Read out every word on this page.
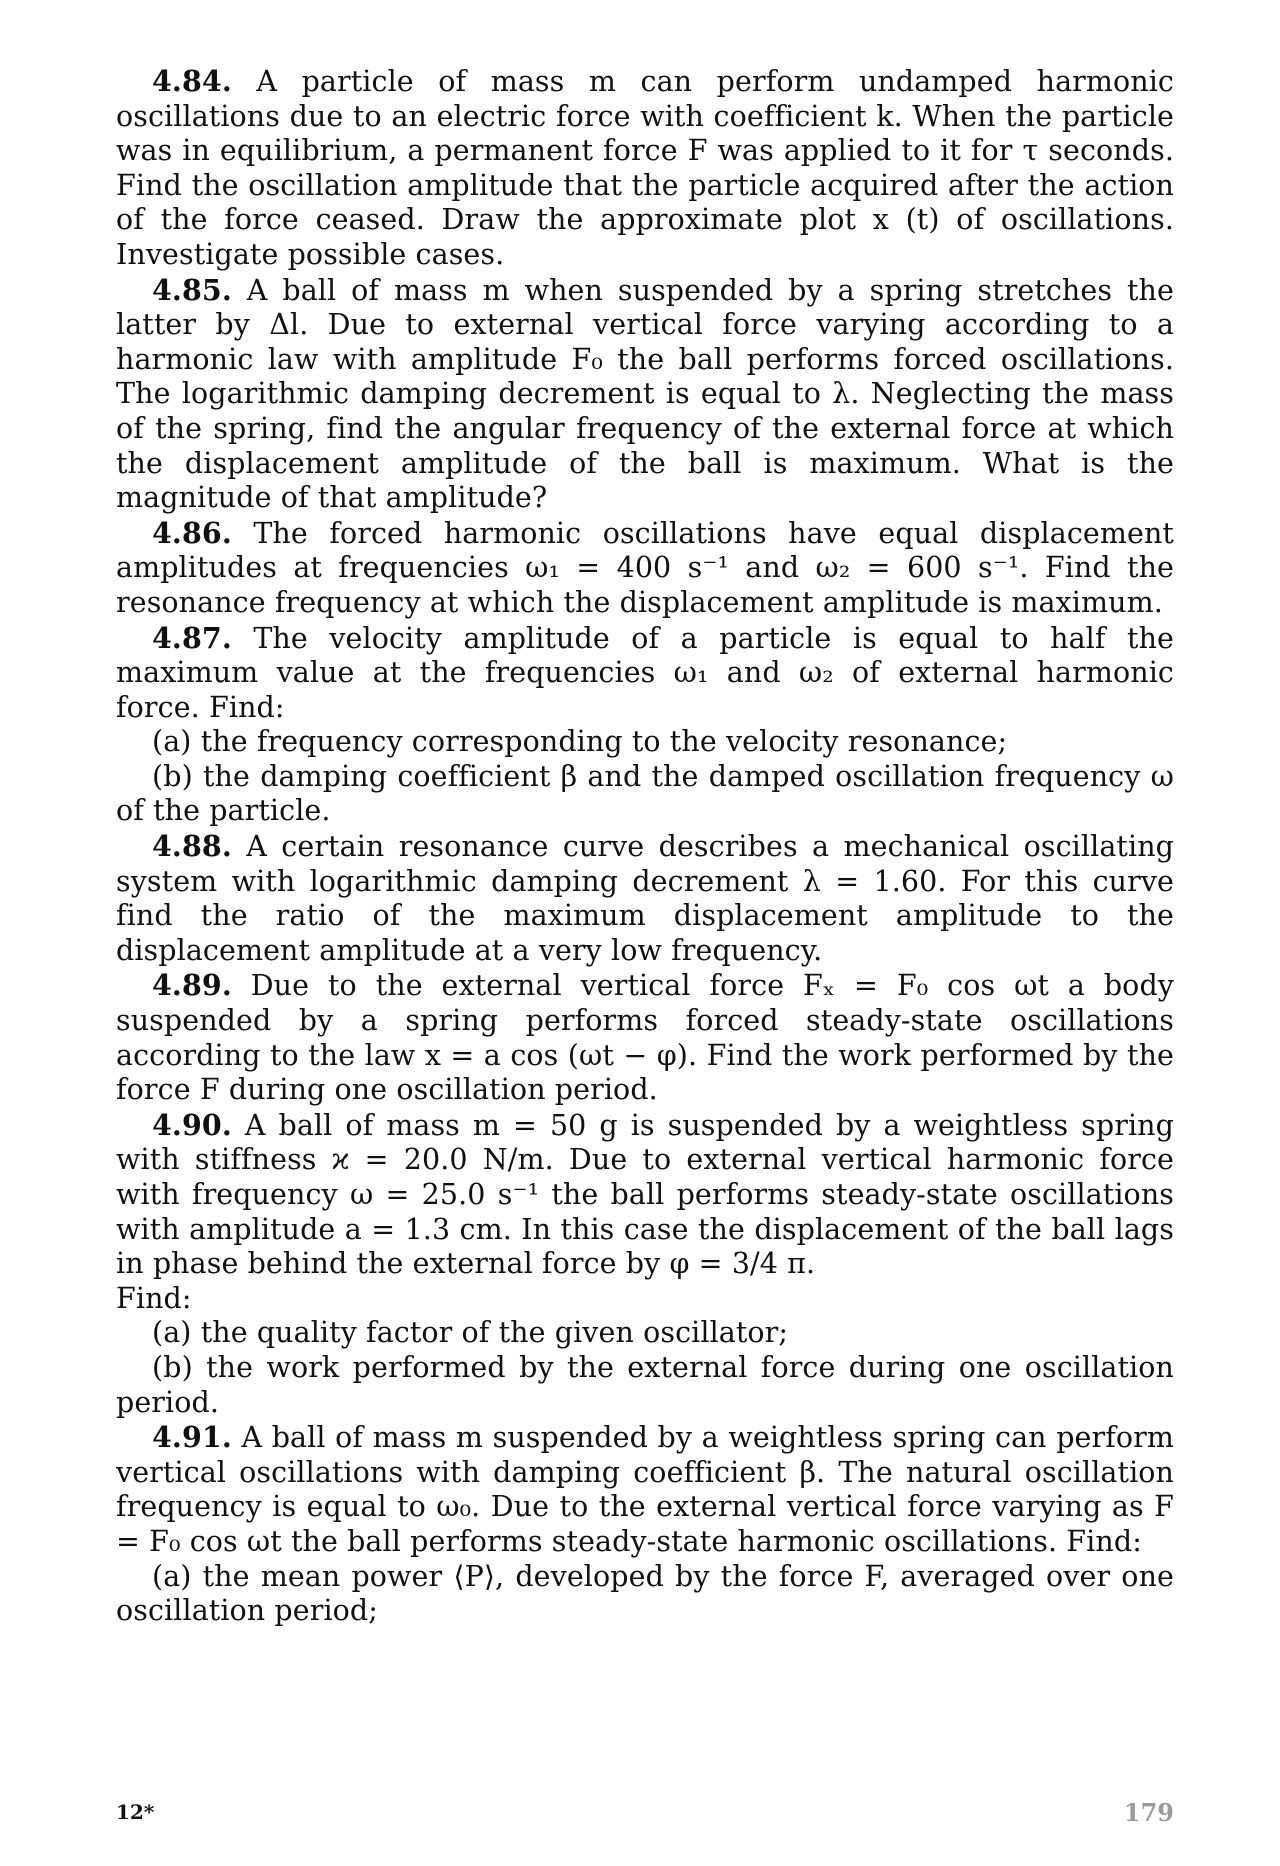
4.84. A particle of mass m can perform undamped harmonic oscillations due to an electric force with coefficient k. When the particle was in equilibrium, a permanent force F was applied to it for τ seconds. Find the oscillation amplitude that the particle acquired after the action of the force ceased. Draw the approximate plot x (t) of oscillations. Investigate possible cases.

4.85. A ball of mass m when suspended by a spring stretches the latter by Δl. Due to external vertical force varying according to a harmonic law with amplitude F₀ the ball performs forced oscillations. The logarithmic damping decrement is equal to λ. Neglecting the mass of the spring, find the angular frequency of the external force at which the displacement amplitude of the ball is maximum. What is the magnitude of that amplitude?

4.86. The forced harmonic oscillations have equal displacement amplitudes at frequencies ω₁ = 400 s⁻¹ and ω₂ = 600 s⁻¹. Find the resonance frequency at which the displacement amplitude is maximum.

4.87. The velocity amplitude of a particle is equal to half the maximum value at the frequencies ω₁ and ω₂ of external harmonic force. Find:

(a) the frequency corresponding to the velocity resonance;

(b) the damping coefficient β and the damped oscillation frequency ω of the particle.

4.88. A certain resonance curve describes a mechanical oscillating system with logarithmic damping decrement λ = 1.60. For this curve find the ratio of the maximum displacement amplitude to the displacement amplitude at a very low frequency.

4.89. Due to the external vertical force Fₓ = F₀ cos ωt a body suspended by a spring performs forced steady-state oscillations according to the law x = a cos (ωt − φ). Find the work performed by the force F during one oscillation period.

4.90. A ball of mass m = 50 g is suspended by a weightless spring with stiffness ϰ = 20.0 N/m. Due to external vertical harmonic force with frequency ω = 25.0 s⁻¹ the ball performs steady-state oscillations with amplitude a = 1.3 cm. In this case the displacement of the ball lags in phase behind the external force by φ = 3/4 π.

Find:

(a) the quality factor of the given oscillator;

(b) the work performed by the external force during one oscillation period.

4.91. A ball of mass m suspended by a weightless spring can perform vertical oscillations with damping coefficient β. The natural oscillation frequency is equal to ω₀. Due to the external vertical force varying as F = F₀ cos ωt the ball performs steady-state harmonic oscillations. Find:

(a) the mean power ⟨P⟩, developed by the force F, averaged over one oscillation period;

12*	179
